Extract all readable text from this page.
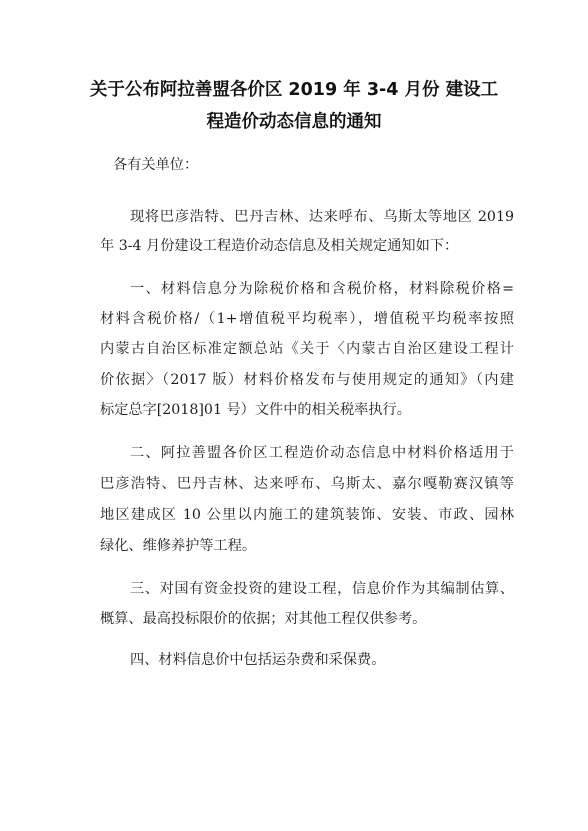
关于公布阿拉善盟各价区 2019 年 3-4 月份 建设工
程造价动态信息的通知
各有关单位：
现将巴彦浩特、巴丹吉林、达来呼布、乌斯太等地区 2019
年 3-4 月份建设工程造价动态信息及相关规定通知如下：
一、材料信息分为除税价格和含税价格，材料除税价格=
材料含税价格/（1+增值税平均税率），增值税平均税率按照
内蒙古自治区标准定额总站《关于〈内蒙古自治区建设工程计
价依据〉（2017 版）材料价格发布与使用规定的通知》（内建
标定总字[2018]01 号）文件中的相关税率执行。
二、阿拉善盟各价区工程造价动态信息中材料价格适用于
巴彦浩特、巴丹吉林、达来呼布、乌斯太、嘉尔嘎勒赛汉镇等
地区建成区 10 公里以内施工的建筑装饰、安装、市政、园林
绿化、维修养护等工程。
三、对国有资金投资的建设工程，信息价作为其编制估算、
概算、最高投标限价的依据；对其他工程仅供参考。
四、材料信息价中包括运杂费和采保费。
